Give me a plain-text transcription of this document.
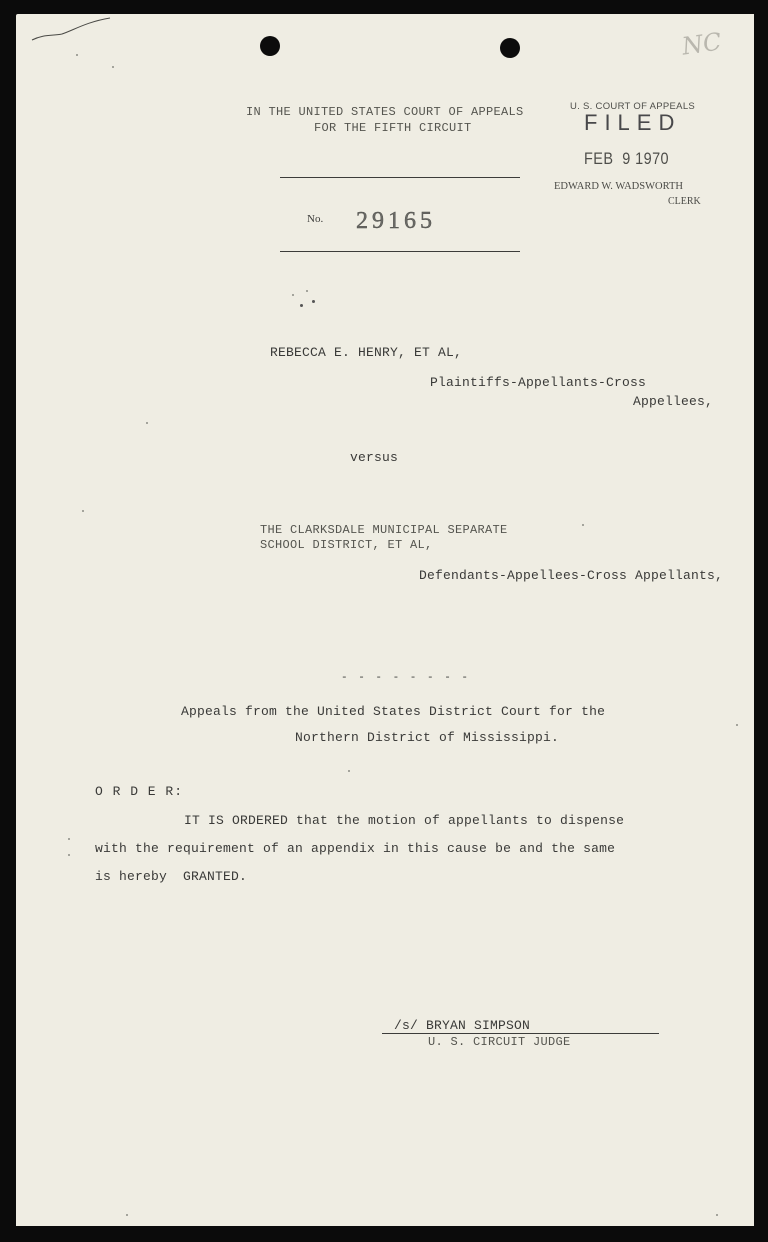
NC
IN THE UNITED STATES COURT OF APPEALS
FOR THE FIFTH CIRCUIT
U. S. COURT OF APPEALS
FILED
FEB  9 1970
EDWARD W. WADSWORTH
CLERK
No. 29165
REBECCA E. HENRY, ET AL,
Plaintiffs-Appellants-Cross
Appellees,
versus
THE CLARKSDALE MUNICIPAL SEPARATE
SCHOOL DISTRICT, ET AL,
Defendants-Appellees-Cross Appellants,
- - - - - - - -
Appeals from the United States District Court for the
Northern District of Mississippi.
O R D E R:
IT IS ORDERED that the motion of appellants to dispense
with the requirement of an appendix in this cause be and the same
is hereby  GRANTED.
/s/ BRYAN SIMPSON
U. S. CIRCUIT JUDGE
